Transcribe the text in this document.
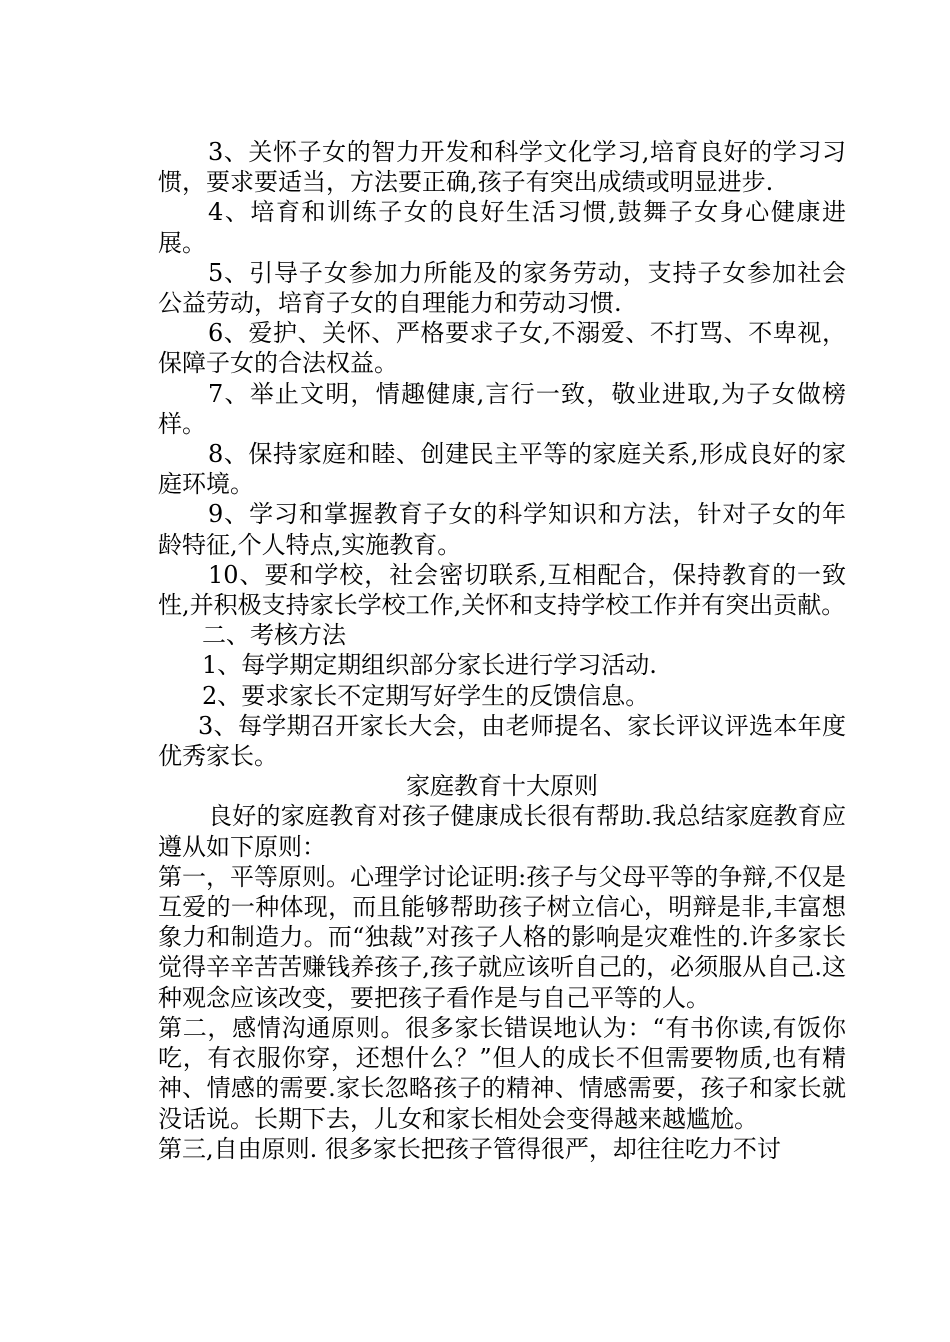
3、关怀子女的智力开发和科学文化学习,培育良好的学习习惯，要求要适当，方法要正确,孩子有突出成绩或明显进步.

4、培育和训练子女的良好生活习惯,鼓舞子女身心健康进展。

5、引导子女参加力所能及的家务劳动，支持子女参加社会公益劳动，培育子女的自理能力和劳动习惯.

6、爱护、关怀、严格要求子女,不溺爱、不打骂、不卑视，保障子女的合法权益。

7、举止文明，情趣健康,言行一致，敬业进取,为子女做榜样。

8、保持家庭和睦、创建民主平等的家庭关系,形成良好的家庭环境。

9、学习和掌握教育子女的科学知识和方法，针对子女的年龄特征,个人特点,实施教育。

10、要和学校，社会密切联系,互相配合，保持教育的一致性,并积极支持家长学校工作,关怀和支持学校工作并有突出贡献。

二、考核方法

1、每学期定期组织部分家长进行学习活动.

2、要求家长不定期写好学生的反馈信息。

3、每学期召开家长大会，由老师提名、家长评议评选本年度优秀家长。

家庭教育十大原则

良好的家庭教育对孩子健康成长很有帮助.我总结家庭教育应遵从如下原则：

第一，平等原则。心理学讨论证明:孩子与父母平等的争辩,不仅是互爱的一种体现，而且能够帮助孩子树立信心，明辩是非,丰富想象力和制造力。而“独裁”对孩子人格的影响是灾难性的.许多家长觉得辛辛苦苦赚钱养孩子,孩子就应该听自己的，必须服从自己.这种观念应该改变，要把孩子看作是与自己平等的人。

第二，感情沟通原则。很多家长错误地认为：“有书你读,有饭你吃，有衣服你穿，还想什么？”但人的成长不但需要物质,也有精神、情感的需要.家长忽略孩子的精神、情感需要，孩子和家长就没话说。长期下去，儿女和家长相处会变得越来越尴尬。

第三,自由原则. 很多家长把孩子管得很严，却往往吃力不讨
